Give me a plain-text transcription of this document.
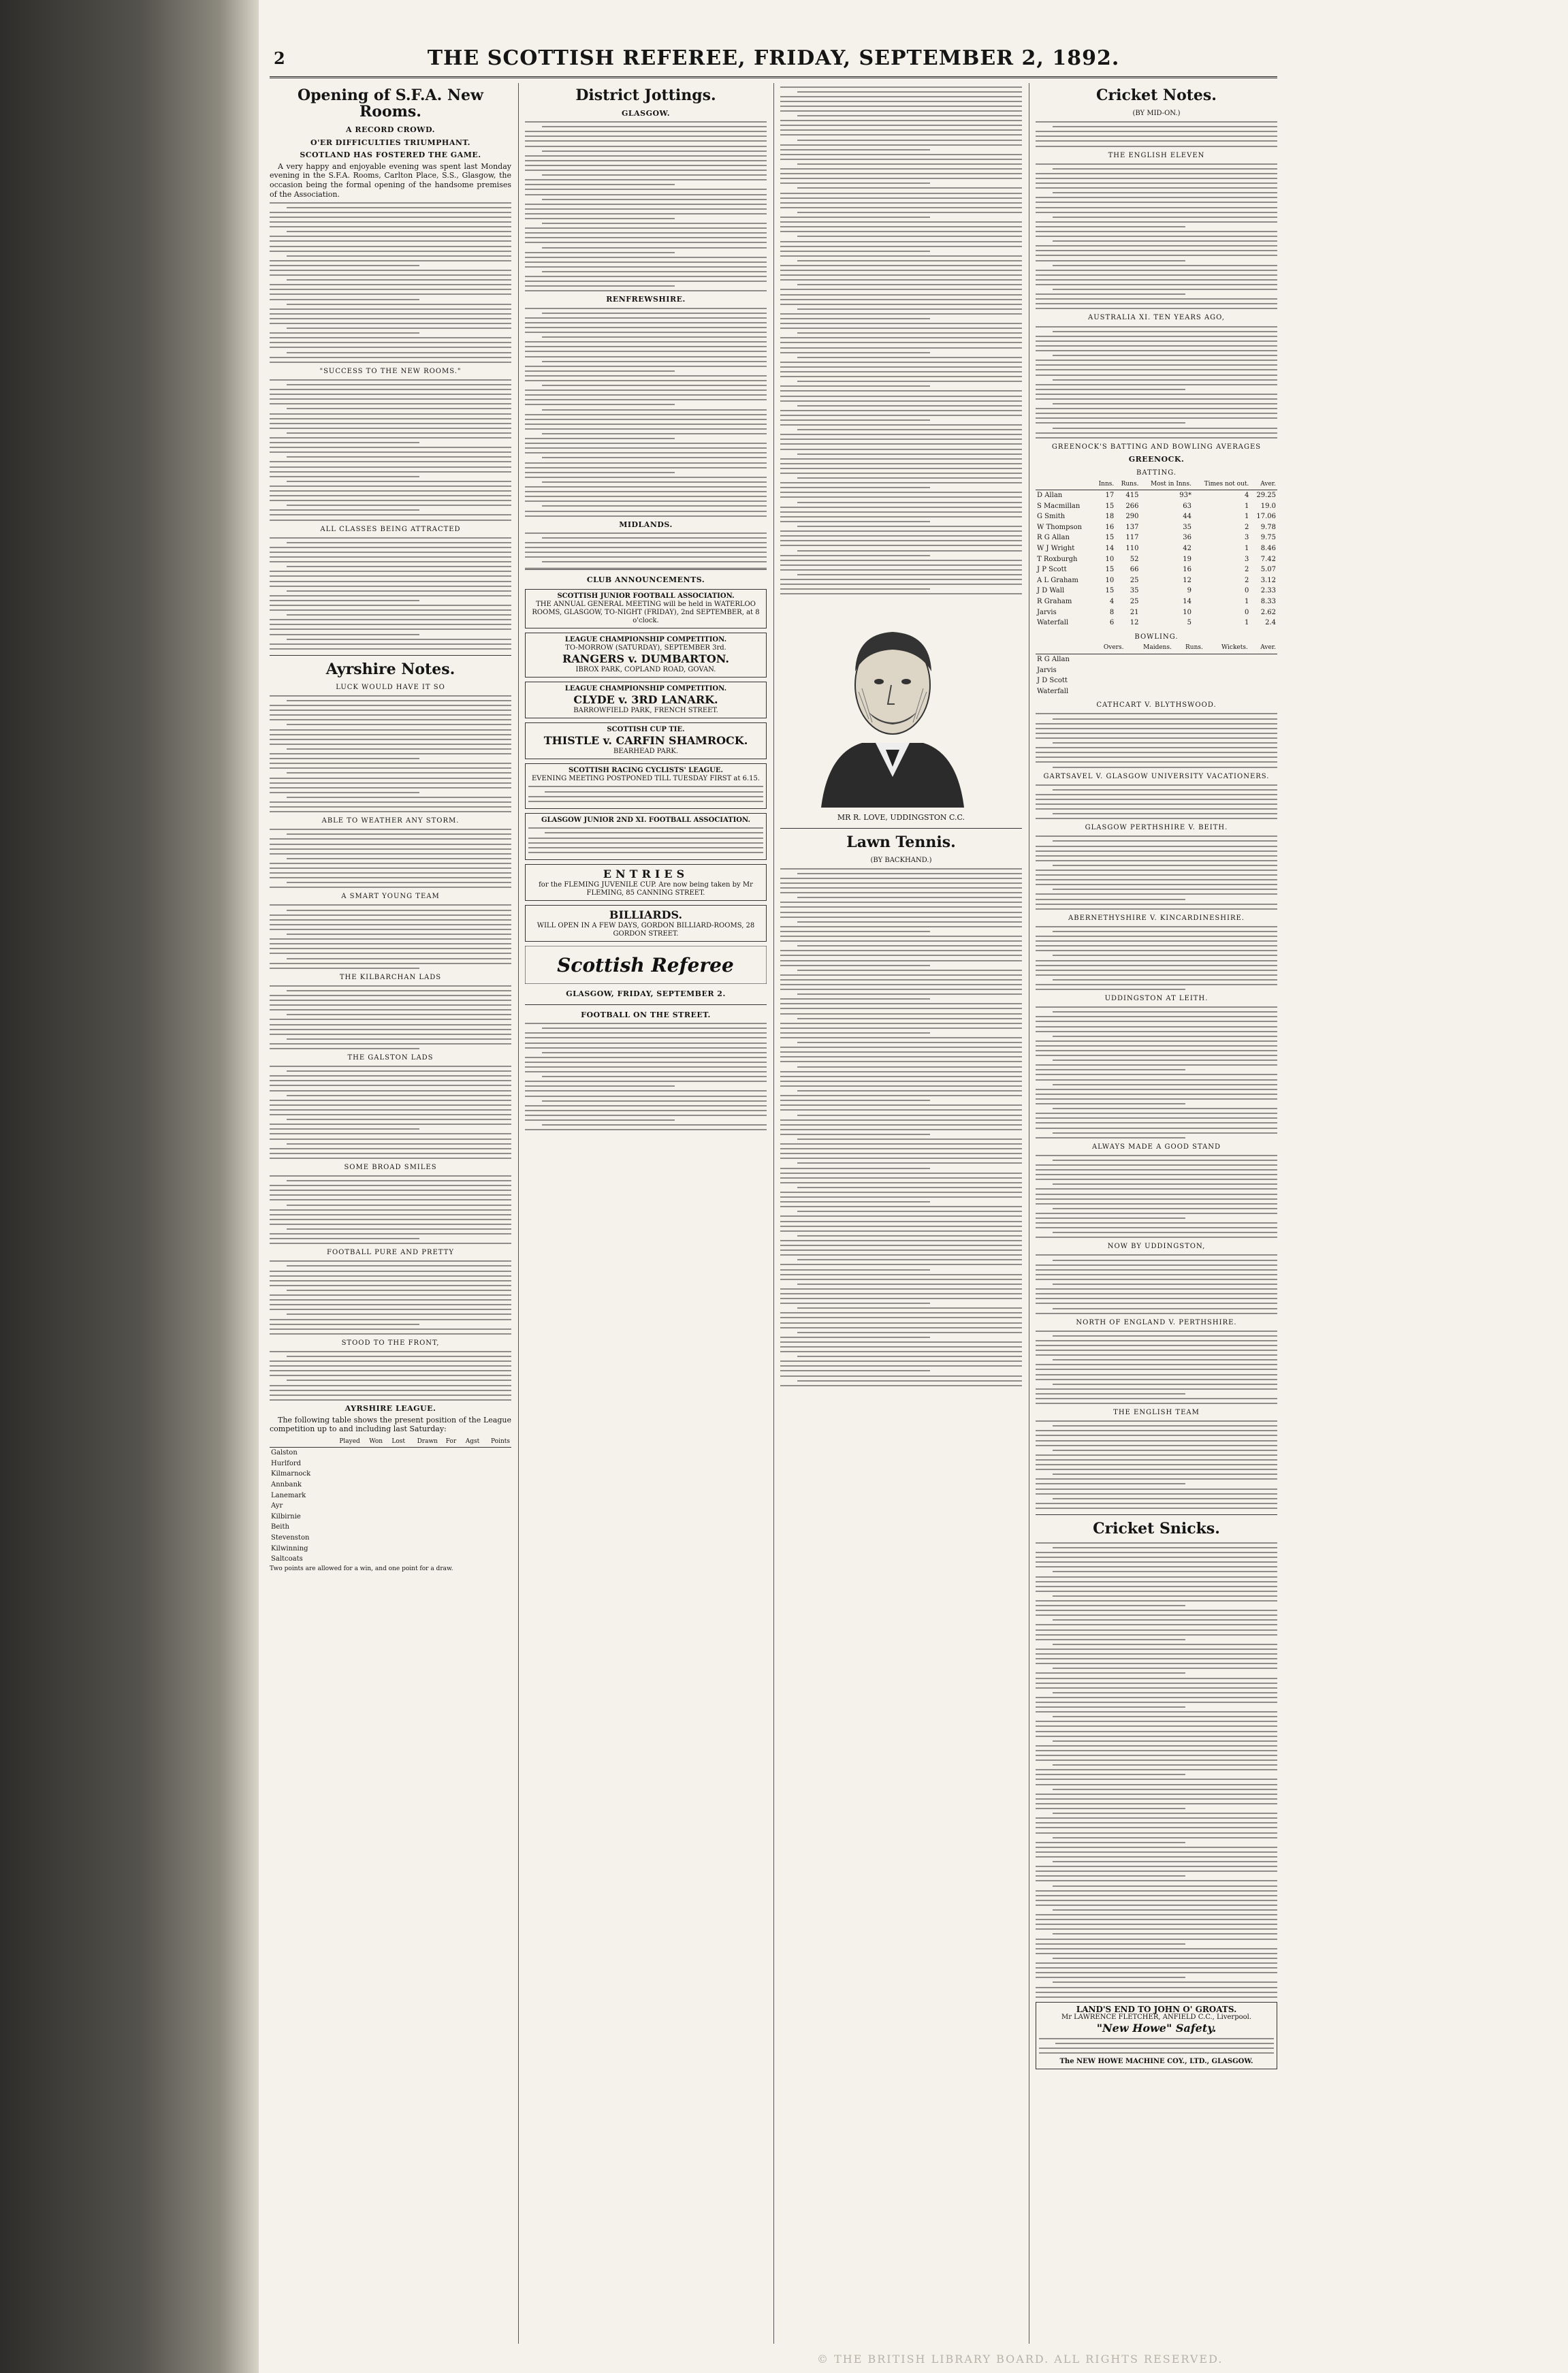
2	THE SCOTTISH REFEREE, FRIDAY, SEPTEMBER 2, 1892.
Opening of S.F.A. New Rooms.
A RECORD CROWD.
O'ER DIFFICULTIES TRIUMPHANT.
SCOTLAND HAS FOSTERED THE GAME.

A very happy and enjoyable evening was spent last Monday evening in the S.F.A. Rooms, Carlton Place, S.S., Glasgow, the occasion being the formal opening of the handsome premises of the Association.

"SUCCESS TO THE NEW ROOMS."
ALL CLASSES BEING ATTRACTED
Ayrshire Notes.
LUCK WOULD HAVE IT SO
ABLE TO WEATHER ANY STORM.
A SMART YOUNG TEAM
THE KILBARCHAN LADS
THE GALSTON LADS
SOME BROAD SMILES
FOOTBALL PURE AND PRETTY
STOOD TO THE FRONT,
AYRSHIRE LEAGUE.

The following table shows the present position of the League competition up to and including last Saturday:

	Played	Won	Lost	Drawn	For	Agst	Points
Galston							
Hurlford							
Kilmarnock							
Annbank							
Lanemark							
Ayr							
Kilbirnie							
Beith							
Stevenston							
Kilwinning							
Saltcoats							

Two points are allowed for a win, and one point for a draw.

District Jottings.
GLASGOW.
RENFREWSHIRE.
MIDLANDS.
CLUB ANNOUNCEMENTS.
SCOTTISH JUNIOR FOOTBALL ASSOCIATION.
THE ANNUAL GENERAL MEETING will be held in WATERLOO ROOMS, GLASGOW, TO-NIGHT (FRIDAY), 2nd SEPTEMBER, at 8 o'clock.
LEAGUE CHAMPIONSHIP COMPETITION.
TO-MORROW (SATURDAY), SEPTEMBER 3rd.
RANGERS v. DUMBARTON.
IBROX PARK, COPLAND ROAD, GOVAN.
LEAGUE CHAMPIONSHIP COMPETITION.
CLYDE v. 3RD LANARK.
BARROWFIELD PARK, FRENCH STREET.
SCOTTISH CUP TIE.
THISTLE v. CARFIN SHAMROCK.
BEARHEAD PARK.
SCOTTISH RACING CYCLISTS' LEAGUE.
EVENING MEETING POSTPONED TILL TUESDAY FIRST at 6.15.
GLASGOW JUNIOR 2ND XI. FOOTBALL ASSOCIATION.
ENTRIES
for the FLEMING JUVENILE CUP. Are now being taken by Mr FLEMING, 85 CANNING STREET.
BILLIARDS.
WILL OPEN IN A FEW DAYS, GORDON BILLIARD-ROOMS, 28 GORDON STREET.
Scottish Referee
GLASGOW, FRIDAY, SEPTEMBER 2.
FOOTBALL ON THE STREET.
MR R. LOVE, UDDINGSTON C.C.
Lawn Tennis.
(BY BACKHAND.)
Cricket Notes.
(BY MID-ON.)
THE ENGLISH ELEVEN
AUSTRALIA XI. TEN YEARS AGO,
GREENOCK'S BATTING AND BOWLING AVERAGES
GREENOCK.
BATTING.
	Inns.	Runs.	Most in Inns.	Times not out.	Aver.
D Allan	17	415	93*	4	29.25
S Macmillan	15	266	63	1	19.0
G Smith	18	290	44	1	17.06
W Thompson	16	137	35	2	9.78
R G Allan	15	117	36	3	9.75
W J Wright	14	110	42	1	8.46
T Roxburgh	10	52	19	3	7.42
J P Scott	15	66	16	2	5.07
A L Graham	10	25	12	2	3.12
J D Wall	15	35	9	0	2.33
R Graham	4	25	14	1	8.33
Jarvis	8	21	10	0	2.62
Waterfall	6	12	5	1	2.4
BOWLING.
	Overs.	Maidens.	Runs.	Wickets.	Aver.
R G Allan					
Jarvis					
J D Scott					
Waterfall					
CATHCART V. BLYTHSWOOD.
GARTSAVEL V. GLASGOW UNIVERSITY VACATIONERS.
GLASGOW PERTHSHIRE V. BEITH.
ABERNETHYSHIRE V. KINCARDINESHIRE.
UDDINGSTON AT LEITH.
ALWAYS MADE A GOOD STAND
NOW BY UDDINGSTON,
NORTH OF ENGLAND V. PERTHSHIRE.
THE ENGLISH TEAM
Cricket Snicks.
LAND'S END TO JOHN O' GROATS.
Mr LAWRENCE FLETCHER, ANFIELD C.C., Liverpool.
"New Howe" Safety.
The NEW HOWE MACHINE COY., LTD., GLASGOW.
© THE BRITISH LIBRARY BOARD. ALL RIGHTS RESERVED.
